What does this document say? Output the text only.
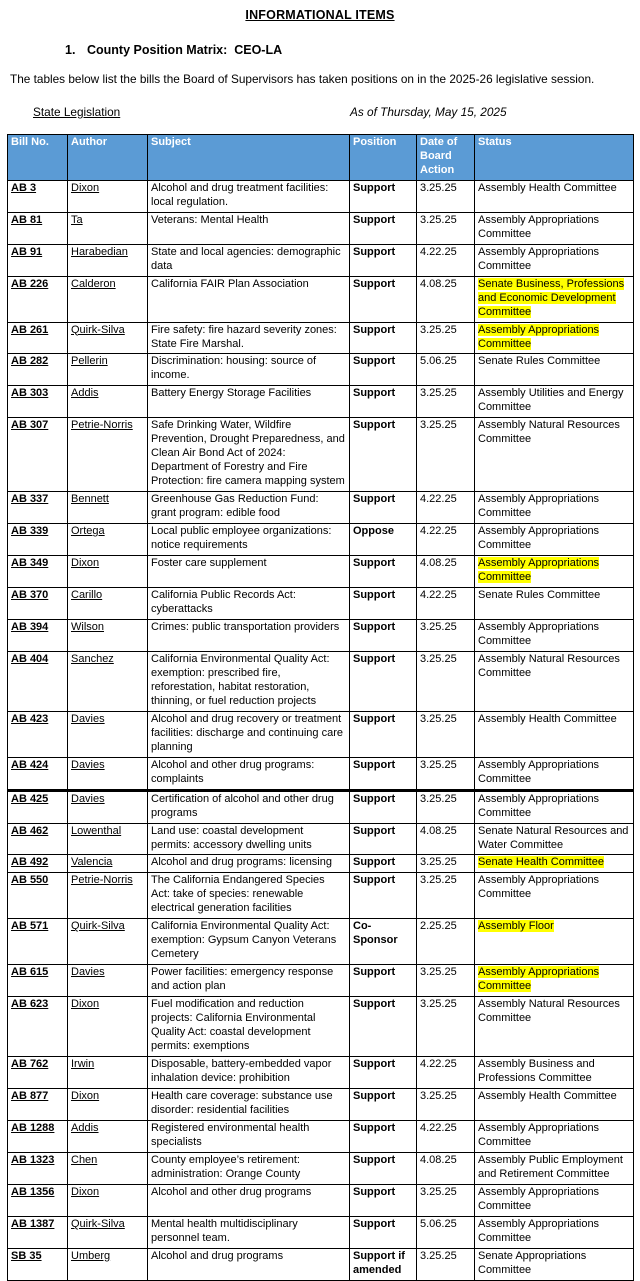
INFORMATIONAL ITEMS
1. County Position Matrix:  CEO-LA

The tables below list the bills the Board of Supervisors has taken positions on in the 2025-26 legislative session.

State Legislation	As of Thursday, May 15, 2025
Bill No.	Author	Subject	Position	Date of Board Action	Status
AB 3	Dixon	Alcohol and drug treatment facilities: local regulation.	Support	3.25.25	Assembly Health Committee
AB 81	Ta	Veterans: Mental Health	Support	3.25.25	Assembly Appropriations Committee
AB 91	Harabedian	State and local agencies: demographic data	Support	4.22.25	Assembly Appropriations Committee
AB 226	Calderon	California FAIR Plan Association	Support	4.08.25	Senate Business, Professions and Economic Development Committee
AB 261	Quirk-Silva	Fire safety: fire hazard severity zones: State Fire Marshal.	Support	3.25.25	Assembly Appropriations Committee
AB 282	Pellerin	Discrimination: housing: source of income.	Support	5.06.25	Senate Rules Committee
AB 303	Addis	Battery Energy Storage Facilities	Support	3.25.25	Assembly Utilities and Energy Committee
AB 307	Petrie-Norris	Safe Drinking Water, Wildfire Prevention, Drought Preparedness, and Clean Air Bond Act of 2024: Department of Forestry and Fire Protection: fire camera mapping system	Support	3.25.25	Assembly Natural Resources Committee
AB 337	Bennett	Greenhouse Gas Reduction Fund: grant program: edible food	Support	4.22.25	Assembly Appropriations Committee
AB 339	Ortega	Local public employee organizations: notice requirements	Oppose	4.22.25	Assembly Appropriations Committee
AB 349	Dixon	Foster care supplement	Support	4.08.25	Assembly Appropriations Committee
AB 370	Carillo	California Public Records Act: cyberattacks	Support	4.22.25	Senate Rules Committee
AB 394	Wilson	Crimes: public transportation providers	Support	3.25.25	Assembly Appropriations Committee
AB 404	Sanchez	California Environmental Quality Act: exemption: prescribed fire, reforestation, habitat restoration, thinning, or fuel reduction projects	Support	3.25.25	Assembly Natural Resources Committee
AB 423	Davies	Alcohol and drug recovery or treatment facilities: discharge and continuing care planning	Support	3.25.25	Assembly Health Committee
AB 424	Davies	Alcohol and other drug programs: complaints	Support	3.25.25	Assembly Appropriations Committee
AB 425	Davies	Certification of alcohol and other drug programs	Support	3.25.25	Assembly Appropriations Committee
AB 462	Lowenthal	Land use: coastal development permits: accessory dwelling units	Support	4.08.25	Senate Natural Resources and Water Committee
AB 492	Valencia	Alcohol and drug programs: licensing	Support	3.25.25	Senate Health Committee
AB 550	Petrie-Norris	The California Endangered Species Act: take of species: renewable electrical generation facilities	Support	3.25.25	Assembly Appropriations Committee
AB 571	Quirk-Silva	California Environmental Quality Act: exemption: Gypsum Canyon Veterans Cemetery	Co-Sponsor	2.25.25	Assembly Floor
AB 615	Davies	Power facilities: emergency response and action plan	Support	3.25.25	Assembly Appropriations Committee
AB 623	Dixon	Fuel modification and reduction projects: California Environmental Quality Act: coastal development permits: exemptions	Support	3.25.25	Assembly Natural Resources Committee
AB 762	Irwin	Disposable, battery-embedded vapor inhalation device: prohibition	Support	4.22.25	Assembly Business and Professions Committee
AB 877	Dixon	Health care coverage: substance use disorder: residential facilities	Support	3.25.25	Assembly Health Committee
AB 1288	Addis	Registered environmental health specialists	Support	4.22.25	Assembly Appropriations Committee
AB 1323	Chen	County employee’s retirement: administration: Orange County	Support	4.08.25	Assembly Public Employment and Retirement Committee
AB 1356	Dixon	Alcohol and other drug programs	Support	3.25.25	Assembly Appropriations Committee
AB 1387	Quirk-Silva	Mental health multidisciplinary personnel team.	Support	5.06.25	Assembly Appropriations Committee
SB 35	Umberg	Alcohol and drug programs	Support if amended	3.25.25	Senate Appropriations Committee
